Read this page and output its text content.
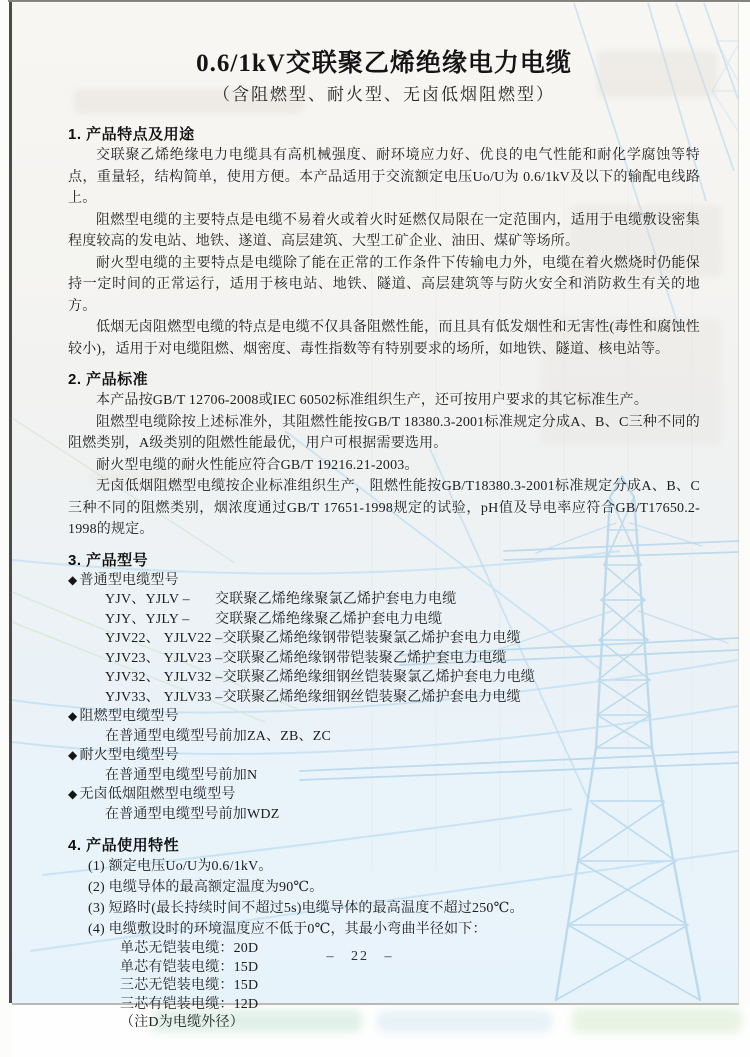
0.6/1kV交联聚乙烯绝缘电力电缆
（含阻燃型、耐火型、无卤低烟阻燃型）
1. 产品特点及用途

交联聚乙烯绝缘电力电缆具有高机械强度、耐环境应力好、优良的电气性能和耐化学腐蚀等特点，重量轻，结构简单，使用方便。本产品适用于交流额定电压Uo/U为 0.6/1kV及以下的输配电线路上。

阻燃型电缆的主要特点是电缆不易着火或着火时延燃仅局限在一定范围内，适用于电缆敷设密集程度较高的发电站、地铁、遂道、高层建筑、大型工矿企业、油田、煤矿等场所。

耐火型电缆的主要特点是电缆除了能在正常的工作条件下传输电力外，电缆在着火燃烧时仍能保持一定时间的正常运行，适用于核电站、地铁、隧道、高层建筑等与防火安全和消防救生有关的地方。

低烟无卤阻燃型电缆的特点是电缆不仅具备阻燃性能，而且具有低发烟性和无害性(毒性和腐蚀性较小)，适用于对电缆阻燃、烟密度、毒性指数等有特别要求的场所，如地铁、隧道、核电站等。

2. 产品标准

本产品按GB/T 12706-2008或IEC 60502标准组织生产，还可按用户要求的其它标准生产。

阻燃型电缆除按上述标准外，其阻燃性能按GB/T 18380.3-2001标准规定分成A、B、C三种不同的阻燃类别，A级类别的阻燃性能最优，用户可根据需要选用。

耐火型电缆的耐火性能应符合GB/T 19216.21-2003。

无卤低烟阻燃型电缆按企业标准组织生产，阻燃性能按GB/T18380.3-2001标准规定分成A、B、C三种不同的阻燃类别，烟浓度通过GB/T 17651-1998规定的试验，pH值及导电率应符合GB/T17650.2-1998的规定。

3. 产品型号
◆ 普通型电缆型号
YJV、YJLV –	交联聚乙烯绝缘聚氯乙烯护套电力电缆
YJY、YJLY –	交联聚乙烯绝缘聚乙烯护套电力电缆
YJV22、 YJLV22 – 交联聚乙烯绝缘钢带铠装聚氯乙烯护套电力电缆
YJV23、 YJLV23 – 交联聚乙烯绝缘钢带铠装聚乙烯护套电力电缆
YJV32、 YJLV32 – 交联聚乙烯绝缘细钢丝铠装聚氯乙烯护套电力电缆
YJV33、 YJLV33 – 交联聚乙烯绝缘细钢丝铠装聚乙烯护套电力电缆
◆ 阻燃型电缆型号
在普通型电缆型号前加ZA、ZB、ZC
◆ 耐火型电缆型号
在普通型电缆型号前加N
◆ 无卤低烟阻燃型电缆型号
在普通型电缆型号前加WDZ
4. 产品使用特性

(1) 额定电压Uo/U为0.6/1kV。

(2) 电缆导体的最高额定温度为90℃。

(3) 短路时(最长持续时间不超过5s)电缆导体的最高温度不超过250℃。

(4) 电缆敷设时的环境温度应不低于0℃，其最小弯曲半径如下：

单芯无铠装电缆：20D
单芯有铠装电缆：15D
三芯无铠装电缆：15D
三芯有铠装电缆：12D
（注D为电缆外径）
– 22 –
